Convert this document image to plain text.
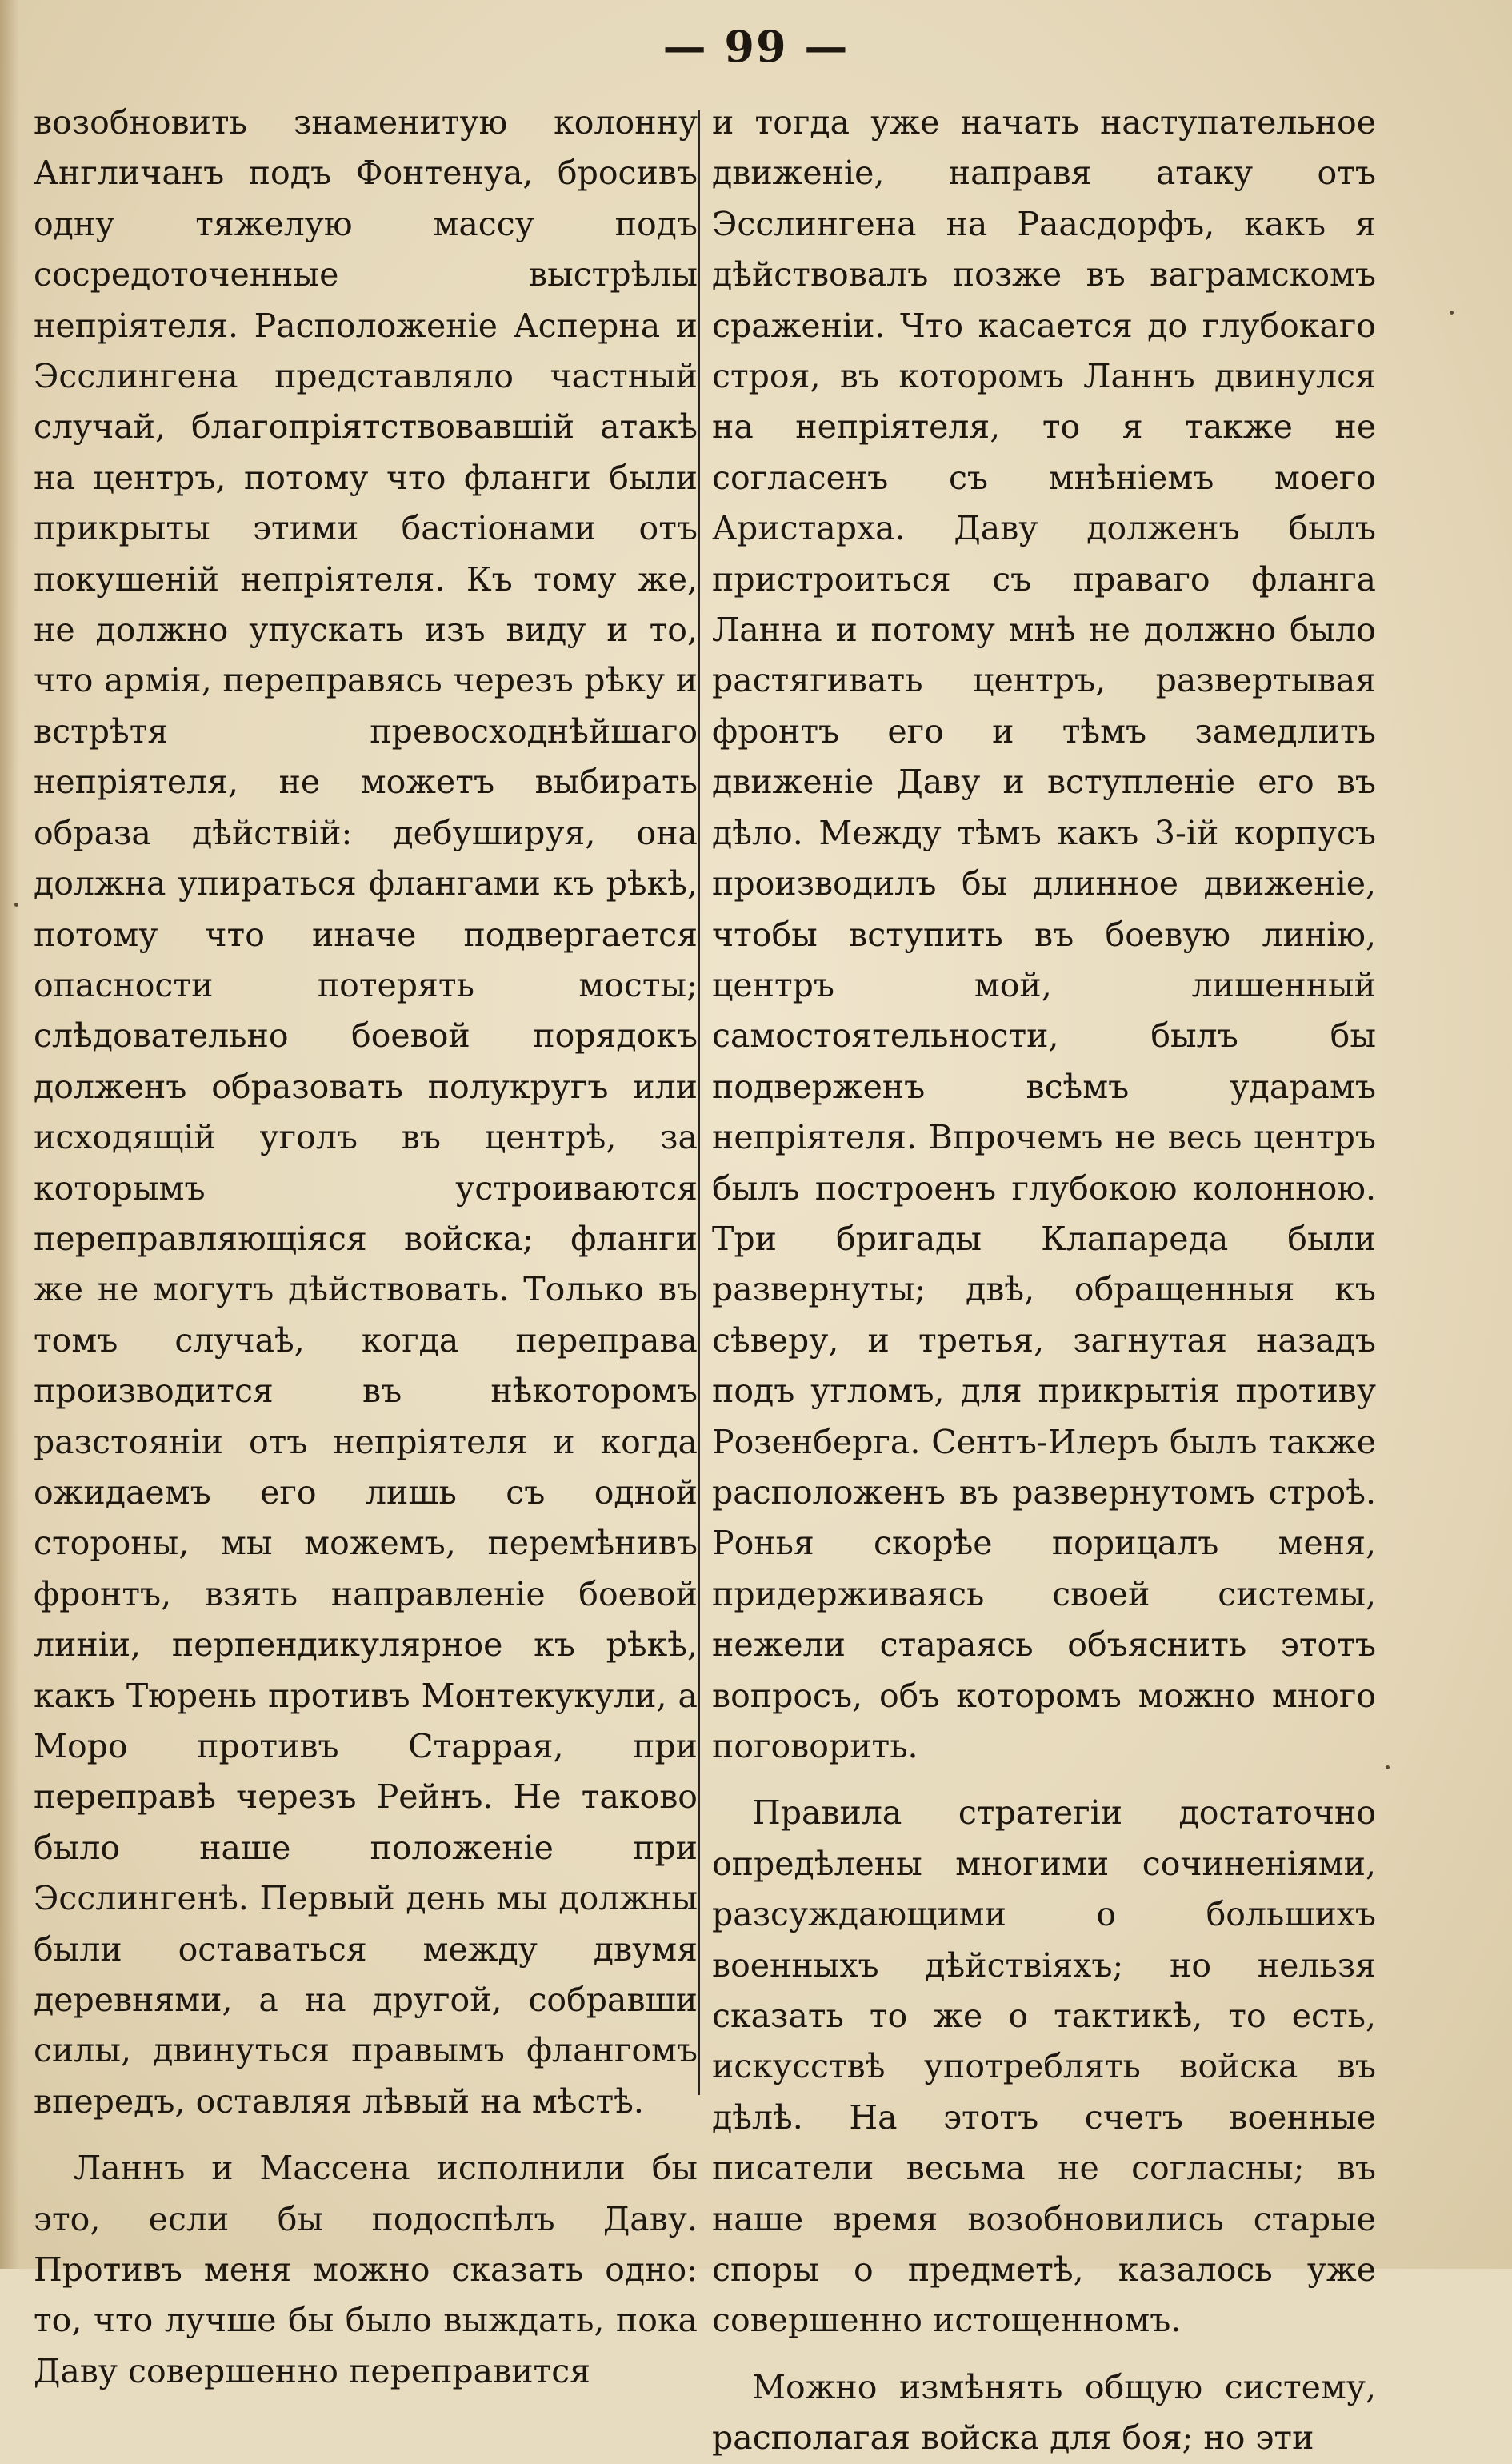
— 99 —

возобновить знаменитую колонну Англичанъ подъ Фонтенуа, бросивъ одну тяжелую массу подъ сосредоточенные выстрѣлы непріятеля. Расположеніе Асперна и Эсслингена представляло частный случай, благопріятствовавшій атакѣ на центръ, потому что фланги были прикрыты этими бастіонами отъ покушеній непріятеля. Къ тому же, не должно упускать изъ виду и то, что армія, переправясь черезъ рѣку и встрѣтя превосходнѣйшаго непріятеля, не можетъ выбирать образа дѣйствій: дебушируя, она должна упираться флангами къ рѣкѣ, потому что иначе подвергается опасности потерять мосты; слѣдовательно боевой порядокъ долженъ образовать полукругъ или исходящій уголъ въ центрѣ, за которымъ устроиваются переправляющіяся войска; фланги же не могутъ дѣйствовать. Только въ томъ случаѣ, когда переправа производится въ нѣкоторомъ разстояніи отъ непріятеля и когда ожидаемъ его лишь съ одной стороны, мы можемъ, перемѣнивъ фронтъ, взять направленіе боевой линіи, перпендикулярное къ рѣкѣ, какъ Тюрень противъ Монтекукули, а Моро противъ Старрая, при переправѣ черезъ Рейнъ. Не таково было наше положеніе при Эсслингенѣ. Первый день мы должны были оставаться между двумя деревнями, а на другой, собравши силы, двинуться правымъ флангомъ впередъ, оставляя лѣвый на мѣстѣ.

Ланнъ и Массена исполнили бы это, если бы подоспѣлъ Даву. Противъ меня можно сказать одно: то, что лучше бы было выждать, пока Даву совершенно переправится

и тогда уже начать наступательное движеніе, направя атаку отъ Эсслингена на Раасдорфъ, какъ я дѣйствовалъ позже въ ваграмскомъ сраженіи. Что касается до глубокаго строя, въ которомъ Ланнъ двинулся на непріятеля, то я также не согласенъ съ мнѣніемъ моего Аристарха. Даву долженъ былъ пристроиться съ праваго фланга Ланна и потому мнѣ не должно было растягивать центръ, развертывая фронтъ его и тѣмъ замедлить движеніе Даву и вступленіе его въ дѣло. Между тѣмъ какъ 3-ій корпусъ производилъ бы длинное движеніе, чтобы вступить въ боевую линію, центръ мой, лишенный самостоятельности, былъ бы подверженъ всѣмъ ударамъ непріятеля. Впрочемъ не весь центръ былъ построенъ глубокою колонною. Три бригады Клапареда были развернуты; двѣ, обращенныя къ сѣверу, и третья, загнутая назадъ подъ угломъ, для прикрытія противу Розенберга. Сентъ-Илеръ былъ также расположенъ въ развернутомъ строѣ. Ронья скорѣе порицалъ меня, придерживаясь своей системы, нежели стараясь объяснить этотъ вопросъ, объ которомъ можно много поговорить.

Правила стратегіи достаточно опредѣлены многими сочиненіями, разсуждающими о большихъ военныхъ дѣйствіяхъ; но нельзя сказать то же о тактикѣ, то есть, искусствѣ употреблять войска въ дѣлѣ. На этотъ счетъ военные писатели весьма не согласны; въ наше время возобновились старые споры о предметѣ, казалось уже совершенно истощенномъ.

Можно измѣнять общую систему, располагая войска для боя; но эти
